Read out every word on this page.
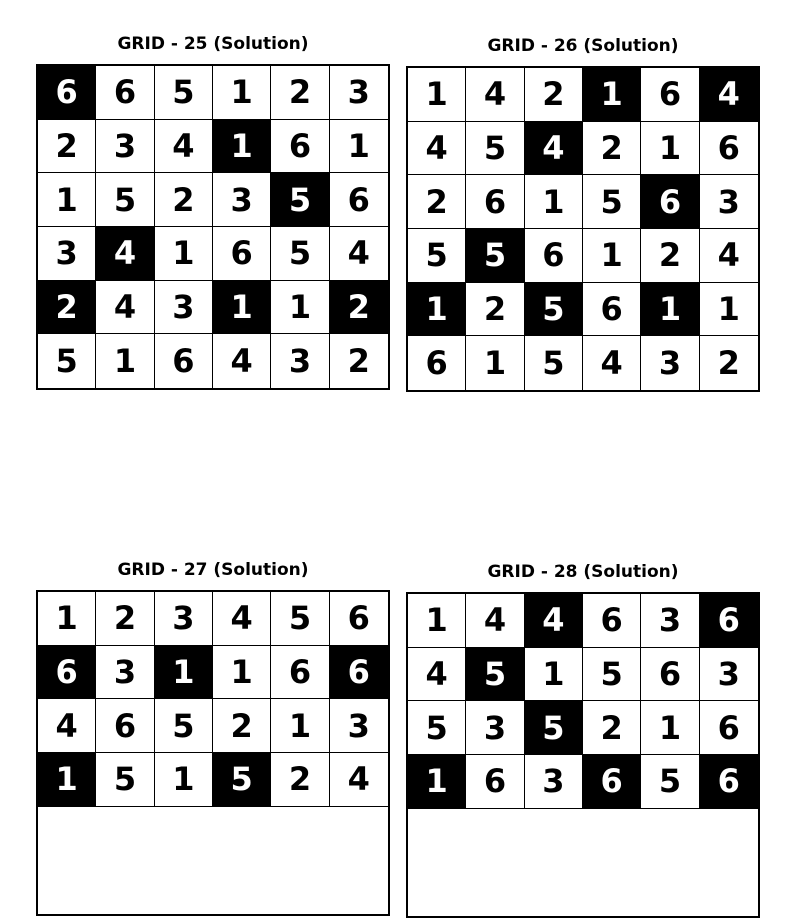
GRID - 25 (Solution)
6	6	5	1	2	3
2	3	4	1	6	1
1	5	2	3	5	6
3	4	1	6	5	4
2	4	3	1	1	2
5	1	6	4	3	2
GRID - 26 (Solution)
1	4	2	1	6	4
4	5	4	2	1	6
2	6	1	5	6	3
5	5	6	1	2	4
1	2	5	6	1	1
6	1	5	4	3	2
GRID - 27 (Solution)
1	2	3	4	5	6
6	3	1	1	6	6
4	6	5	2	1	3
1	5	1	5	2	4
GRID - 28 (Solution)
1	4	4	6	3	6
4	5	1	5	6	3
5	3	5	2	1	6
1	6	3	6	5	6
